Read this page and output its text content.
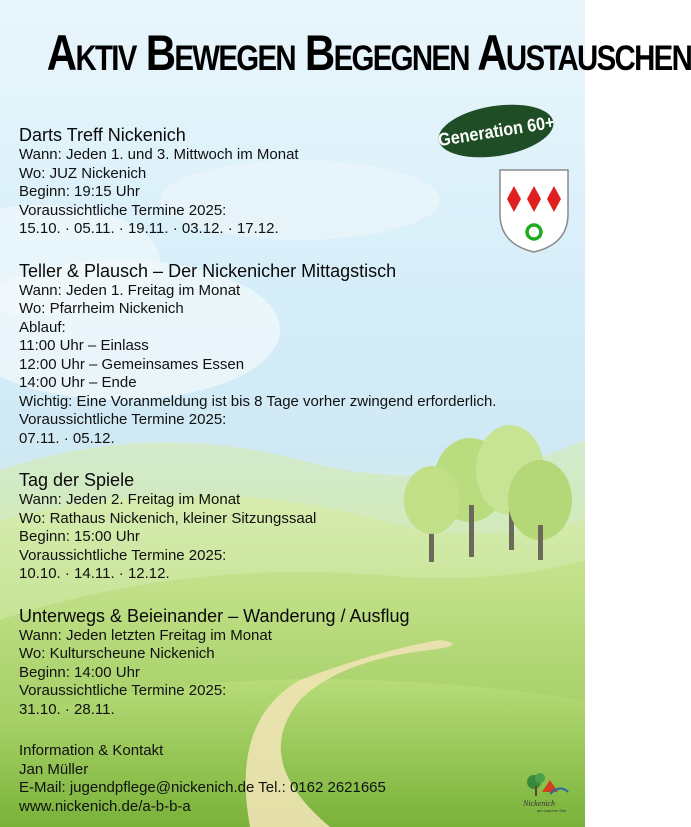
Aktiv Bewegen Begegnen Austauschen
Generation 60+
Darts Treff Nickenich
Wann: Jeden 1. und 3. Mittwoch im Monat
Wo: JUZ Nickenich
Beginn: 19:15 Uhr
Voraussichtliche Termine 2025:
15.10. · 05.11. · 19.11. · 03.12. · 17.12.
Teller & Plausch – Der Nickenicher Mittagstisch
Wann: Jeden 1. Freitag im Monat
Wo: Pfarrheim Nickenich
Ablauf:
11:00 Uhr – Einlass
12:00 Uhr – Gemeinsames Essen
14:00 Uhr – Ende
Wichtig: Eine Voranmeldung ist bis 8 Tage vorher zwingend erforderlich.
Voraussichtliche Termine 2025:
07.11. · 05.12.
Tag der Spiele
Wann: Jeden 2. Freitag im Monat
Wo: Rathaus Nickenich, kleiner Sitzungssaal
Beginn: 15:00 Uhr
Voraussichtliche Termine 2025:
10.10. · 14.11. · 12.12.
Unterwegs & Beieinander – Wanderung / Ausflug
Wann: Jeden letzten Freitag im Monat
Wo: Kulturscheune Nickenich
Beginn: 14:00 Uhr
Voraussichtliche Termine 2025:
31.10. · 28.11.
Information & Kontakt
Jan Müller
E-Mail: jugendpflege@nickenich.de Tel.: 0162 2621665
www.nickenich.de/a-b-b-a	Nickenich
am Laacher See
